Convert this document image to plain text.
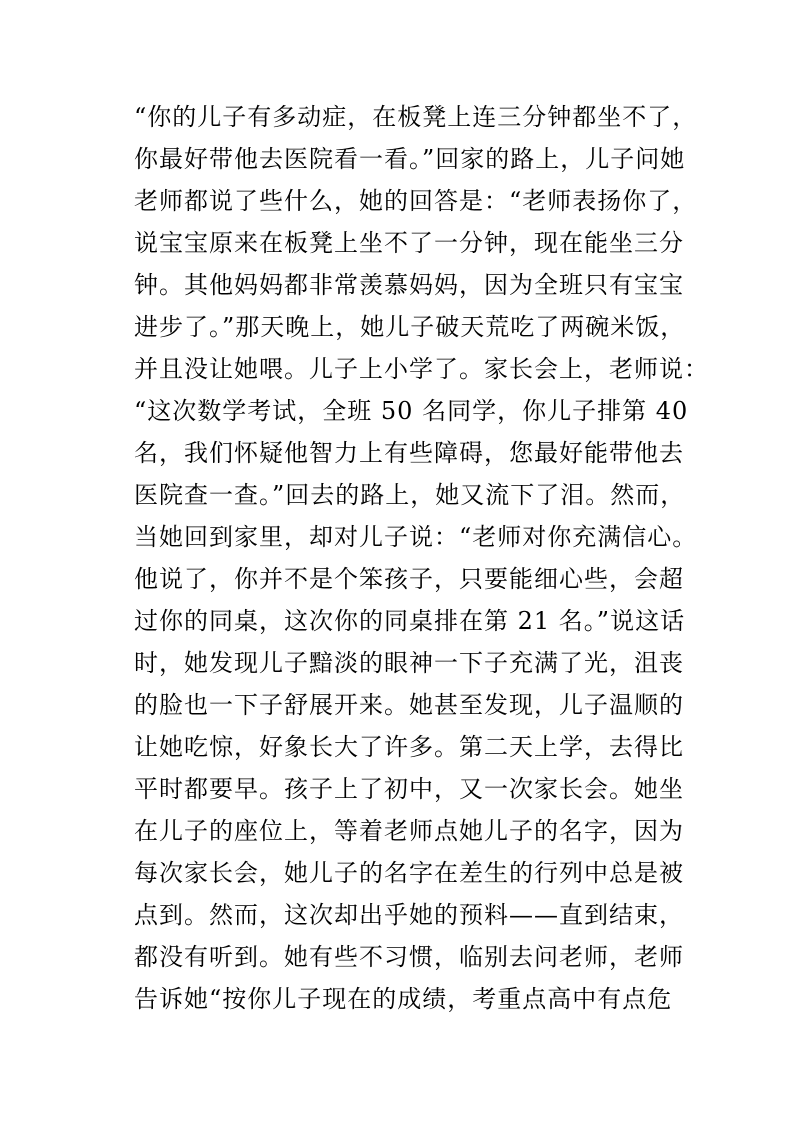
“你的儿子有多动症，在板凳上连三分钟都坐不了，
你最好带他去医院看一看。”回家的路上，儿子问她
老师都说了些什么，她的回答是：“老师表扬你了，
说宝宝原来在板凳上坐不了一分钟，现在能坐三分
钟。其他妈妈都非常羡慕妈妈，因为全班只有宝宝
进步了。”那天晚上，她儿子破天荒吃了两碗米饭，
并且没让她喂。儿子上小学了。家长会上，老师说：
“这次数学考试，全班 50 名同学，你儿子排第 40
名，我们怀疑他智力上有些障碍，您最好能带他去
医院查一查。”回去的路上，她又流下了泪。然而，
当她回到家里，却对儿子说：“老师对你充满信心。
他说了，你并不是个笨孩子，只要能细心些，会超
过你的同桌，这次你的同桌排在第 21 名。”说这话
时，她发现儿子黯淡的眼神一下子充满了光，沮丧
的脸也一下子舒展开来。她甚至发现，儿子温顺的
让她吃惊，好象长大了许多。第二天上学，去得比
平时都要早。孩子上了初中，又一次家长会。她坐
在儿子的座位上，等着老师点她儿子的名字，因为
每次家长会，她儿子的名字在差生的行列中总是被
点到。然而，这次却出乎她的预料——直到结束，
都没有听到。她有些不习惯，临别去问老师，老师
告诉她“按你儿子现在的成绩，考重点高中有点危
